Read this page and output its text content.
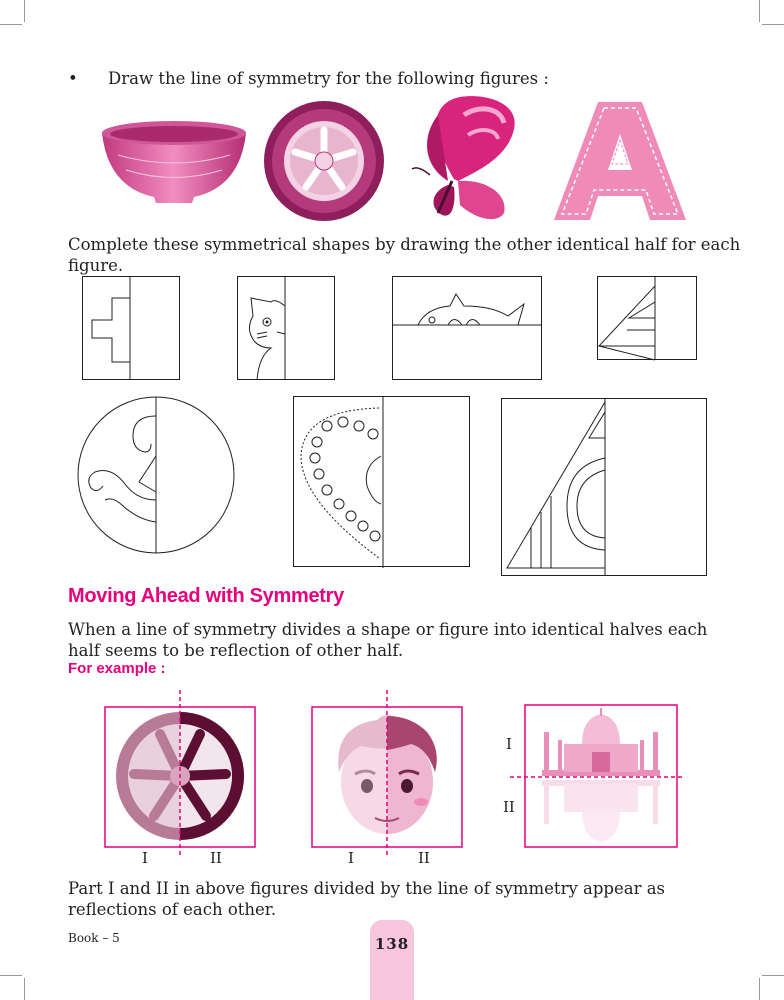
• Draw the line of symmetry for the following figures :
Complete these symmetrical shapes by drawing the other identical half for each figure.
Moving Ahead with Symmetry
When a line of symmetry divides a shape or figure into identical halves each half seems to be reflection of other half.
For example :
I	II	I	II
I
II
Part I and II in above figures divided by the line of symmetry appear as reflections of each other.
138
Book – 5
